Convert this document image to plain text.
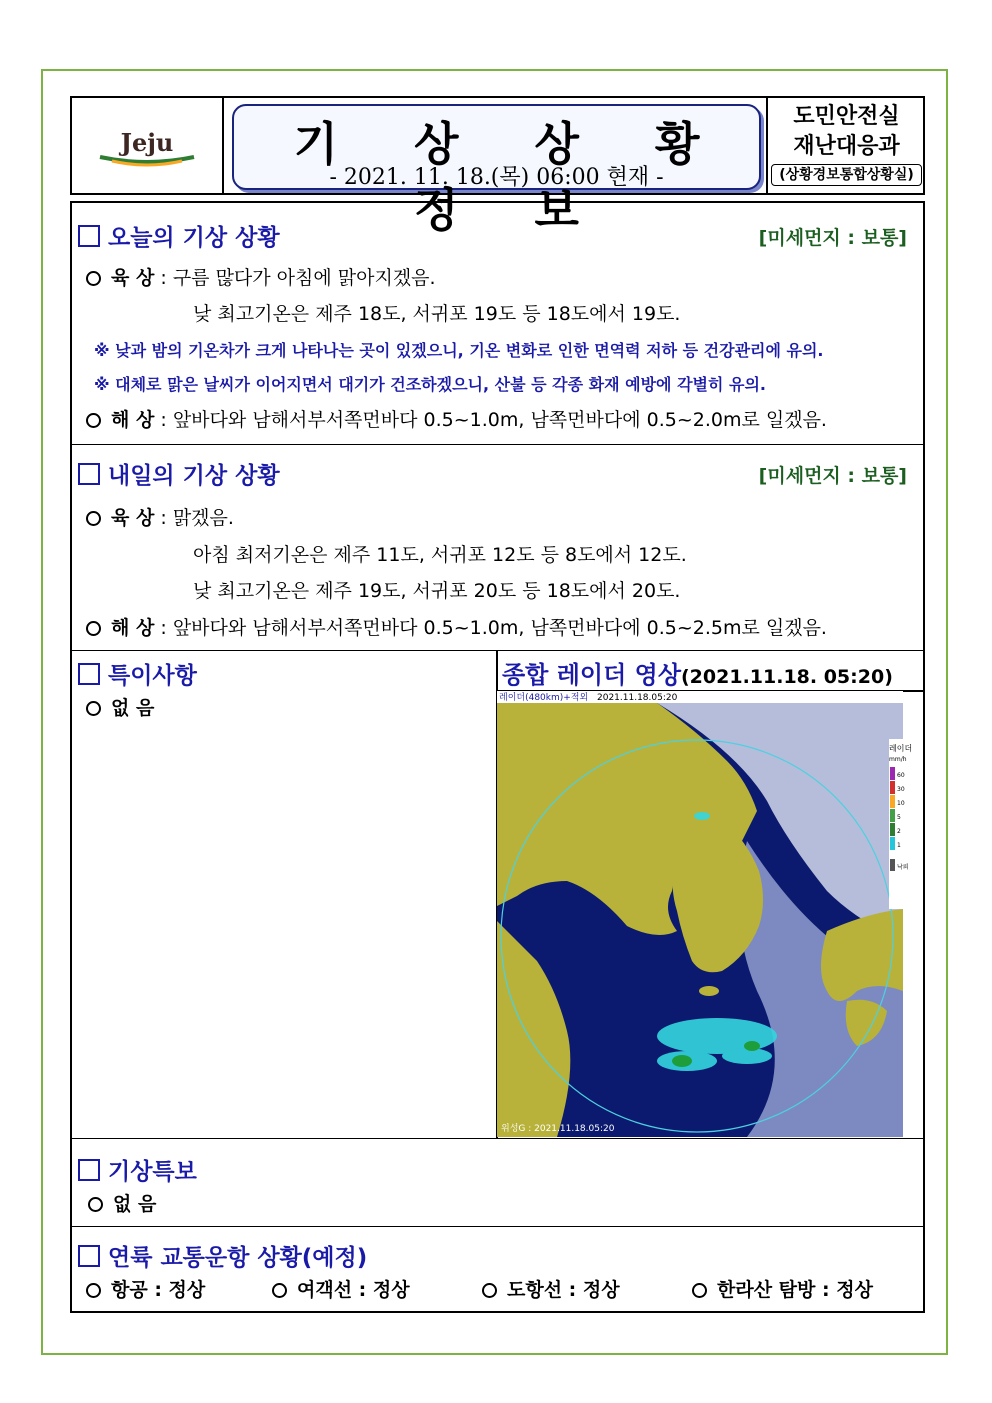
Jeju	기 상 상 황 정 보
- 2021. 11. 18.(목) 06:00 현재 -
도민안전실
재난대응과
(상황경보통합상황실)
오늘의 기상 상황	[미세먼지 : 보통]
육 상 : 구름 많다가 아침에 맑아지겠음.
낮 최고기온은 제주 18도, 서귀포 19도 등 18도에서 19도.
※ 낮과 밤의 기온차가 크게 나타나는 곳이 있겠으니, 기온 변화로 인한 면역력 저하 등 건강관리에 유의.
※ 대체로 맑은 날씨가 이어지면서 대기가 건조하겠으니, 산불 등 각종 화재 예방에 각별히 유의.
해 상 : 앞바다와 남해서부서쪽먼바다 0.5~1.0m, 남쪽먼바다에 0.5~2.0m로 일겠음.
내일의 기상 상황	[미세먼지 : 보통]
육 상 : 맑겠음.
아침 최저기온은 제주 11도, 서귀포 12도 등 8도에서 12도.
낮 최고기온은 제주 19도, 서귀포 20도 등 18도에서 20도.
해 상 : 앞바다와 남해서부서쪽먼바다 0.5~1.0m, 남쪽먼바다에 0.5~2.5m로 일겠음.
특이사항
없 음
종합 레이더 영상(2021.11.18. 05:20)
레이더(480km)+적외 2021.11.18.05:20
위성G : 2021.11.18.05:20
레이더
mm/h
60
30
10
5
2
1
낙뢰
기상특보
없 음
연륙 교통운항 상황(예정)
항공 : 정상	여객선 : 정상	도항선 : 정상	한라산 탐방 : 정상
